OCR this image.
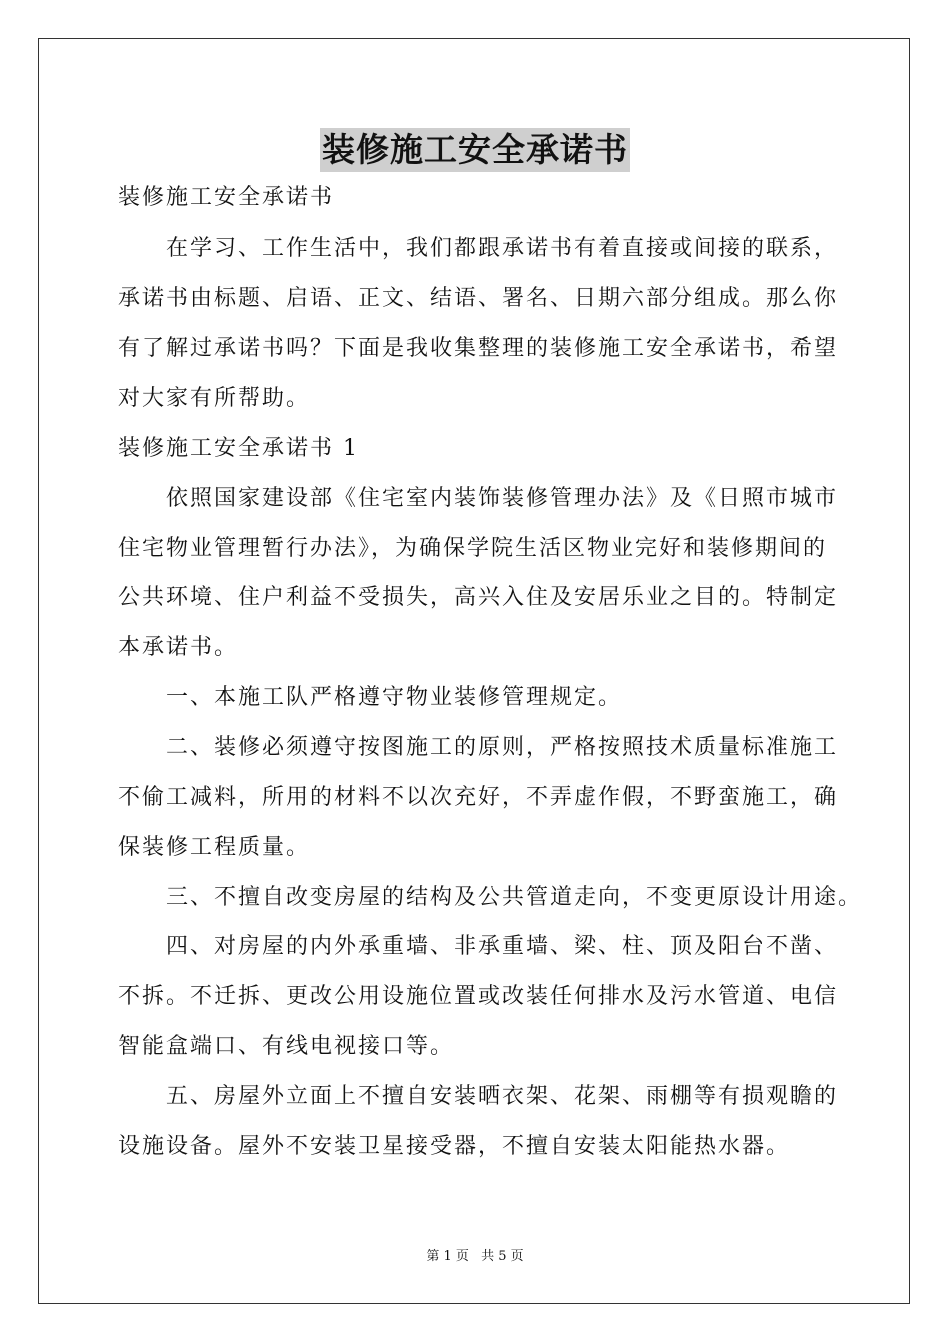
装修施工安全承诺书
装修施工安全承诺书
在学习、工作生活中，我们都跟承诺书有着直接或间接的联系，
承诺书由标题、启语、正文、结语、署名、日期六部分组成。那么你
有了解过承诺书吗？下面是我收集整理的装修施工安全承诺书，希望
对大家有所帮助。
装修施工安全承诺书 1
依照国家建设部《住宅室内装饰装修管理办法》及《日照市城市
住宅物业管理暂行办法》，为确保学院生活区物业完好和装修期间的
公共环境、住户利益不受损失，高兴入住及安居乐业之目的。特制定
本承诺书。
一、本施工队严格遵守物业装修管理规定。
二、装修必须遵守按图施工的原则，严格按照技术质量标准施工
不偷工减料，所用的材料不以次充好，不弄虚作假，不野蛮施工，确
保装修工程质量。
三、不擅自改变房屋的结构及公共管道走向，不变更原设计用途。
四、对房屋的内外承重墙、非承重墙、梁、柱、顶及阳台不凿、
不拆。不迁拆、更改公用设施位置或改装任何排水及污水管道、电信
智能盒端口、有线电视接口等。
五、房屋外立面上不擅自安装晒衣架、花架、雨棚等有损观瞻的
设施设备。屋外不安装卫星接受器，不擅自安装太阳能热水器。
第 1 页 共 5 页
